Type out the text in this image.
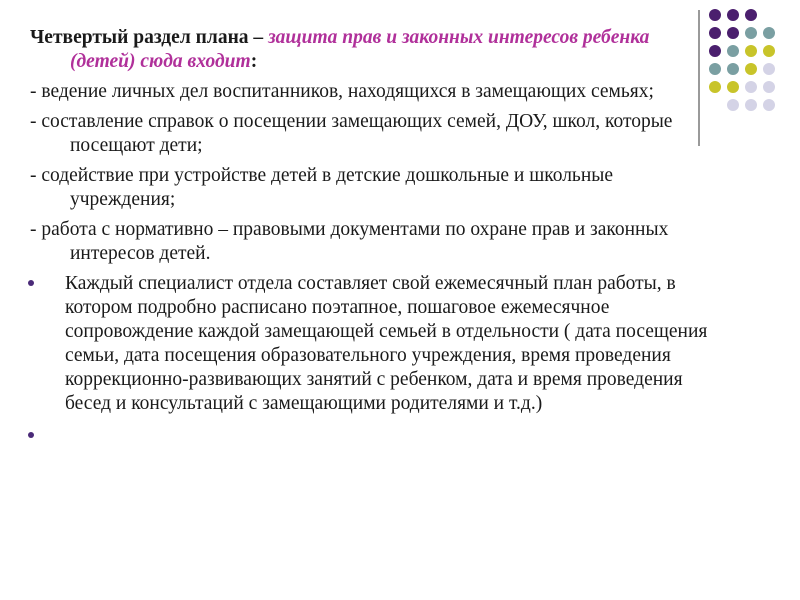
Четвертый раздел плана – защита прав и законных интересов ребенка (детей) сюда входит:

- ведение личных дел воспитанников, находящихся в замещающих семьях;

- составление справок о посещении замещающих семей, ДОУ, школ, которые посещают дети;

- содействие при устройстве детей в детские дошкольные и школьные учреждения;

- работа с нормативно – правовыми документами по охране прав и законных интересов детей.

Каждый специалист отдела составляет свой ежемесячный план работы, в котором подробно расписано поэтапное, пошаговое ежемесячное сопровождение каждой замещающей семьей в отдельности ( дата посещения семьи, дата посещения образовательного учреждения, время проведения коррекционно-развивающих занятий с ребенком, дата и время проведения бесед и консультаций с замещающими родителями и т.д.)
